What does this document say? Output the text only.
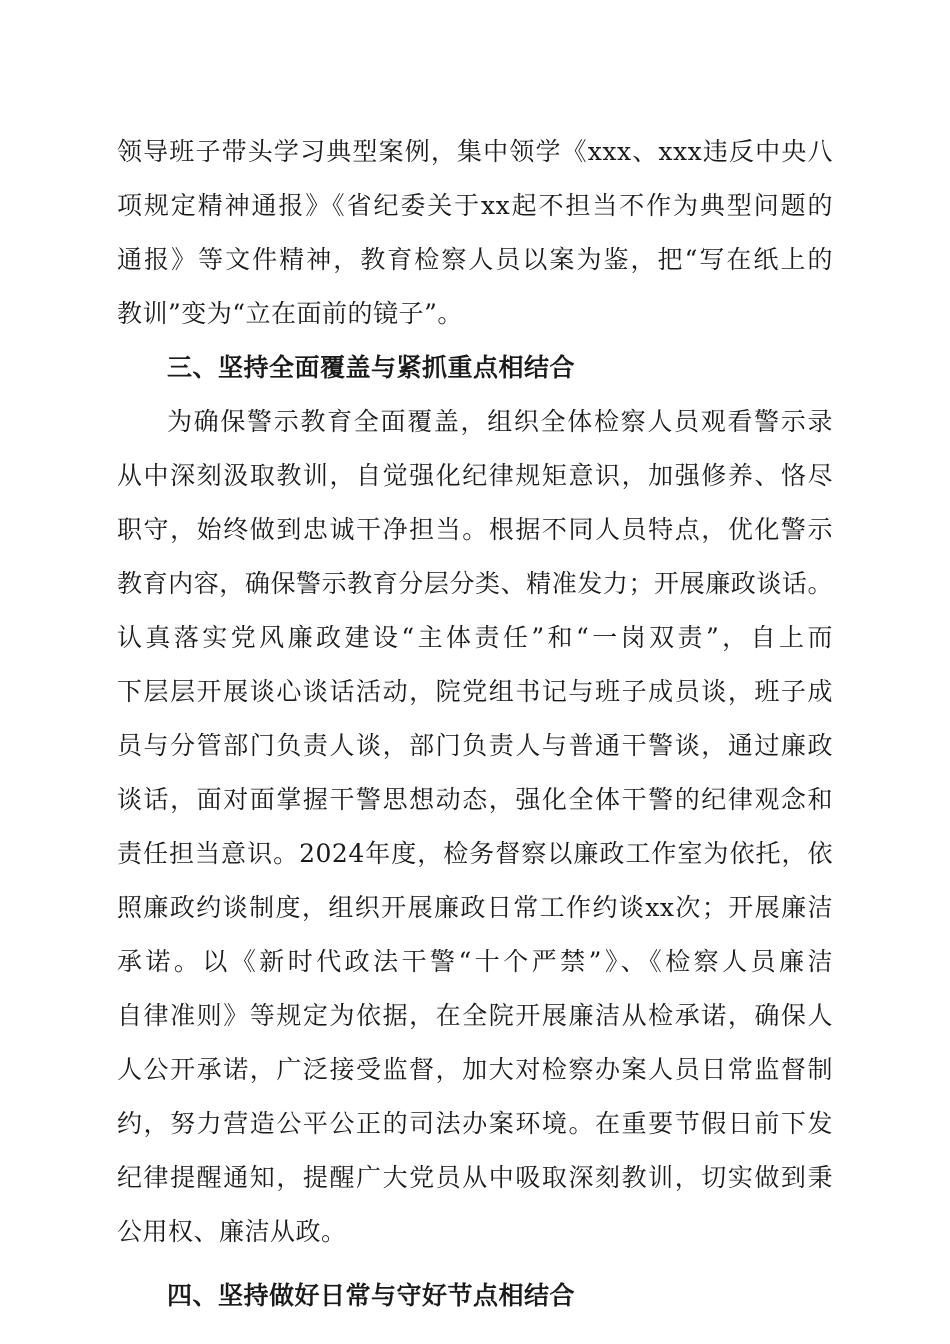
领导班子带头学习典型案例，集中领学《xxx、xxx违反中央八
项规定精神通报》《省纪委关于xx起不担当不作为典型问题的
通报》等文件精神，教育检察人员以案为鉴，把“写在纸上的
教训”变为“立在面前的镜子”。
三、坚持全面覆盖与紧抓重点相结合
为确保警示教育全面覆盖，组织全体检察人员观看警示录
从中深刻汲取教训，自觉强化纪律规矩意识，加强修养、恪尽
职守，始终做到忠诚干净担当。根据不同人员特点，优化警示
教育内容，确保警示教育分层分类、精准发力；开展廉政谈话。
认真落实党风廉政建设“主体责任”和“一岗双责”，自上而
下层层开展谈心谈话活动，院党组书记与班子成员谈，班子成
员与分管部门负责人谈，部门负责人与普通干警谈，通过廉政
谈话，面对面掌握干警思想动态，强化全体干警的纪律观念和
责任担当意识。2024年度，检务督察以廉政工作室为依托，依
照廉政约谈制度，组织开展廉政日常工作约谈xx次；开展廉洁
承诺。以《新时代政法干警“十个严禁”》、《检察人员廉洁
自律准则》等规定为依据，在全院开展廉洁从检承诺，确保人
人公开承诺，广泛接受监督，加大对检察办案人员日常监督制
约，努力营造公平公正的司法办案环境。在重要节假日前下发
纪律提醒通知，提醒广大党员从中吸取深刻教训，切实做到秉
公用权、廉洁从政。
四、坚持做好日常与守好节点相结合
